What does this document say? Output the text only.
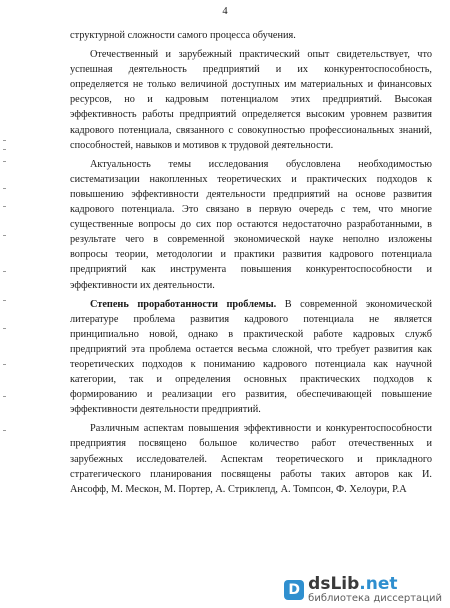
4

структурной сложности самого процесса обучения.

Отечественный и зарубежный практический опыт свидетельствует, что
успешная деятельность предприятий и их конкурентоспособность,
определяется не только величиной доступных им материальных и финансовых
ресурсов, но и кадровым потенциалом этих предприятий. Высокая
эффективность работы предприятий определяется высоким уровнем развития
кадрового потенциала, связанного с совокупностью профессиональных знаний,
способностей, навыков и мотивов к трудовой деятельности.

Актуальность темы исследования обусловлена необходимостью
систематизации накопленных теоретических и практических подходов к
повышению эффективности деятельности предприятий на основе развития
кадрового потенциала. Это связано в первую очередь с тем, что многие
существенные вопросы до сих пор остаются недостаточно разработанными, в
результате чего в современной экономической науке неполно изложены
вопросы теории, методологии и практики развития кадрового потенциала
предприятий как инструмента повышения конкурентоспособности и
эффективности их деятельности.

Степень проработанности проблемы. В современной экономической
литературе проблема развития кадрового потенциала не является
принципиально новой, однако в практической работе кадровых служб
предприятий эта проблема остается весьма сложной, что требует развития как
теоретических подходов к пониманию кадрового потенциала как научной
категории, так и определения основных практических подходов к
формированию и реализации его развития, обеспечивающей повышение
эффективности деятельности предприятий.

Различным аспектам повышения эффективности и конкурентоспособности
предприятия посвящено большое количество работ отечественных и
зарубежных исследователей. Аспектам теоретического и прикладного
стратегического планирования посвящены работы таких авторов как И.
Ансофф, М. Мескон, М. Портер, А. Стриклепд, А. Томпсон, Ф. Хелоури, Р.А

D dsLib.net
библиотека диссертаций
